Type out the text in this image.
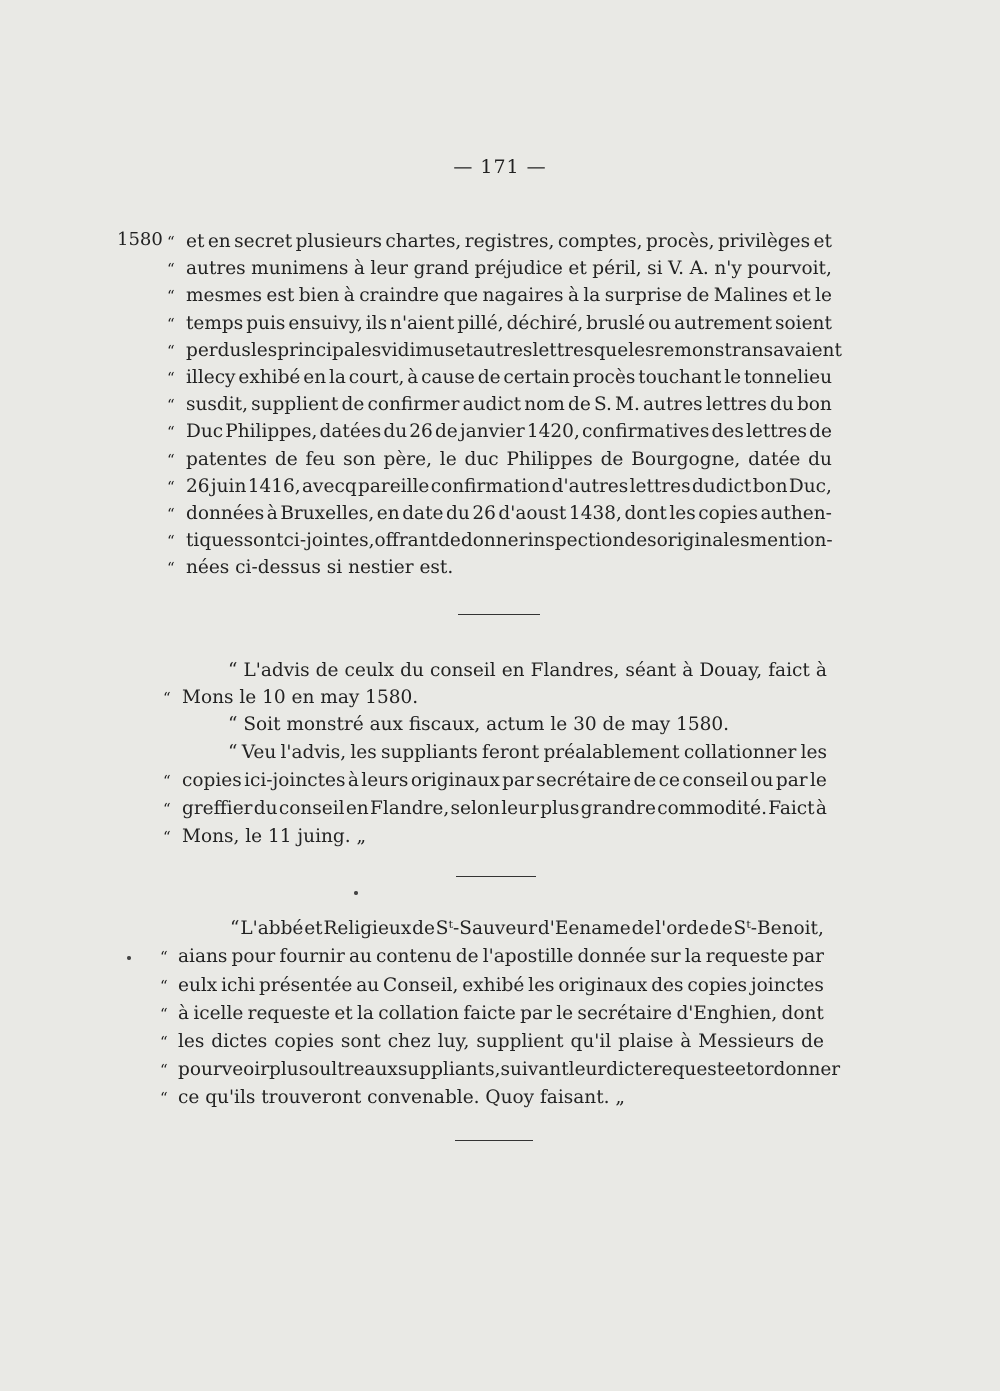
— 171 —
1580 “ et en secret plusieurs chartes, registres, comptes, procès, privilèges et
“ autres munimens à leur grand préjudice et péril, si V. A. n'y pourvoit,
“ mesmes est bien à craindre que nagaires à la surprise de Malines et le
“ temps puis ensuivy, ils n'aient pillé, déchiré, bruslé ou autrement soient
“ perdus les principales vidimus et autres lettres que les remonstrans avaient
“ illecy exhibé en la court, à cause de certain procès touchant le tonnelieu
“ susdit, supplient de confirmer audict nom de S. M. autres lettres du bon
“ Duc Philippes, datées du 26 de janvier 1420, confirmatives des lettres de
“ patentes de feu son père, le duc Philippes de Bourgogne, datée du
“ 26 juin 1416, avecq pareille confirmation d'autres lettres dudict bon Duc,
“ données à Bruxelles, en date du 26 d'aoust 1438, dont les copies authen-
“ tiques sont ci-jointes, offrant de donner inspection des originales mention-
“ nées ci-dessus si nestier est.
“ L'advis de ceulx du conseil en Flandres, séant à Douay, faict à
“ Mons le 10 en may 1580.
“ Soit monstré aux fiscaux, actum le 30 de may 1580.
“ Veu l'advis, les suppliants feront préalablement collationner les
“ copies ici-joinctes à leurs originaux par secrétaire de ce conseil ou par le
“ greffier du conseil en Flandre, selon leur plus grandre commodité. Faict à
“ Mons, le 11 juing. „
“ L'abbé et Religieux de Sᵗ-Sauveur d'Eename de l'orde de Sᵗ-Benoit,
“ aians pour fournir au contenu de l'apostille donnée sur la requeste par
“ eulx ichi présentée au Conseil, exhibé les originaux des copies joinctes
“ à icelle requeste et la collation faicte par le secrétaire d'Enghien, dont
“ les dictes copies sont chez luy, supplient qu'il plaise à Messieurs de
“ pourveoir plus oultre aux suppliants, suivant leur dicte requeste et ordonner
“ ce qu'ils trouveront convenable. Quoy faisant. „
